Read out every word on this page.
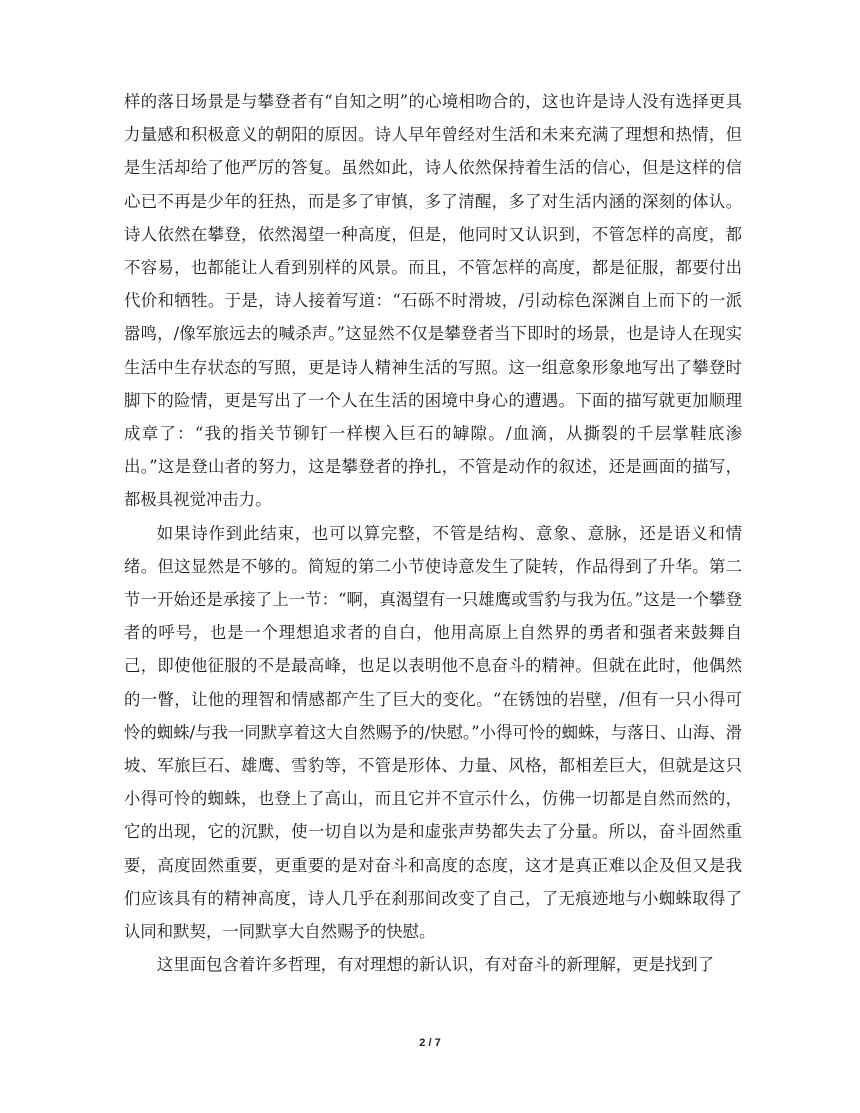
样的落日场景是与攀登者有“自知之明”的心境相吻合的，这也许是诗人没有选择更具力量感和积极意义的朝阳的原因。诗人早年曾经对生活和未来充满了理想和热情，但是生活却给了他严厉的答复。虽然如此，诗人依然保持着生活的信心，但是这样的信心已不再是少年的狂热，而是多了审慎，多了清醒，多了对生活内涵的深刻的体认。诗人依然在攀登，依然渴望一种高度，但是，他同时又认识到，不管怎样的高度，都不容易，也都能让人看到别样的风景。而且，不管怎样的高度，都是征服，都要付出代价和牺牲。于是，诗人接着写道：“石砾不时滑坡，/引动棕色深渊自上而下的一派嚣鸣，/像军旅远去的喊杀声。”这显然不仅是攀登者当下即时的场景，也是诗人在现实生活中生存状态的写照，更是诗人精神生活的写照。这一组意象形象地写出了攀登时脚下的险情，更是写出了一个人在生活的困境中身心的遭遇。下面的描写就更加顺理成章了：“我的指关节铆钉一样楔入巨石的罅隙。/血滴，从撕裂的千层掌鞋底渗出。”这是登山者的努力，这是攀登者的挣扎，不管是动作的叙述，还是画面的描写，都极具视觉冲击力。

如果诗作到此结束，也可以算完整，不管是结构、意象、意脉，还是语义和情绪。但这显然是不够的。简短的第二小节使诗意发生了陡转，作品得到了升华。第二节一开始还是承接了上一节：“啊，真渴望有一只雄鹰或雪豹与我为伍。”这是一个攀登者的呼号，也是一个理想追求者的自白，他用高原上自然界的勇者和强者来鼓舞自己，即使他征服的不是最高峰，也足以表明他不息奋斗的精神。但就在此时，他偶然的一瞥，让他的理智和情感都产生了巨大的变化。“在锈蚀的岩壁，/但有一只小得可怜的蜘蛛/与我一同默享着这大自然赐予的/快慰。”小得可怜的蜘蛛，与落日、山海、滑坡、军旅巨石、雄鹰、雪豹等，不管是形体、力量、风格，都相差巨大，但就是这只小得可怜的蜘蛛，也登上了高山，而且它并不宣示什么，仿佛一切都是自然而然的，它的出现，它的沉默，使一切自以为是和虚张声势都失去了分量。所以，奋斗固然重要，高度固然重要，更重要的是对奋斗和高度的态度，这才是真正难以企及但又是我们应该具有的精神高度，诗人几乎在刹那间改变了自己，了无痕迹地与小蜘蛛取得了认同和默契，一同默享大自然赐予的快慰。

这里面包含着许多哲理，有对理想的新认识，有对奋斗的新理解，更是找到了

2 / 7
